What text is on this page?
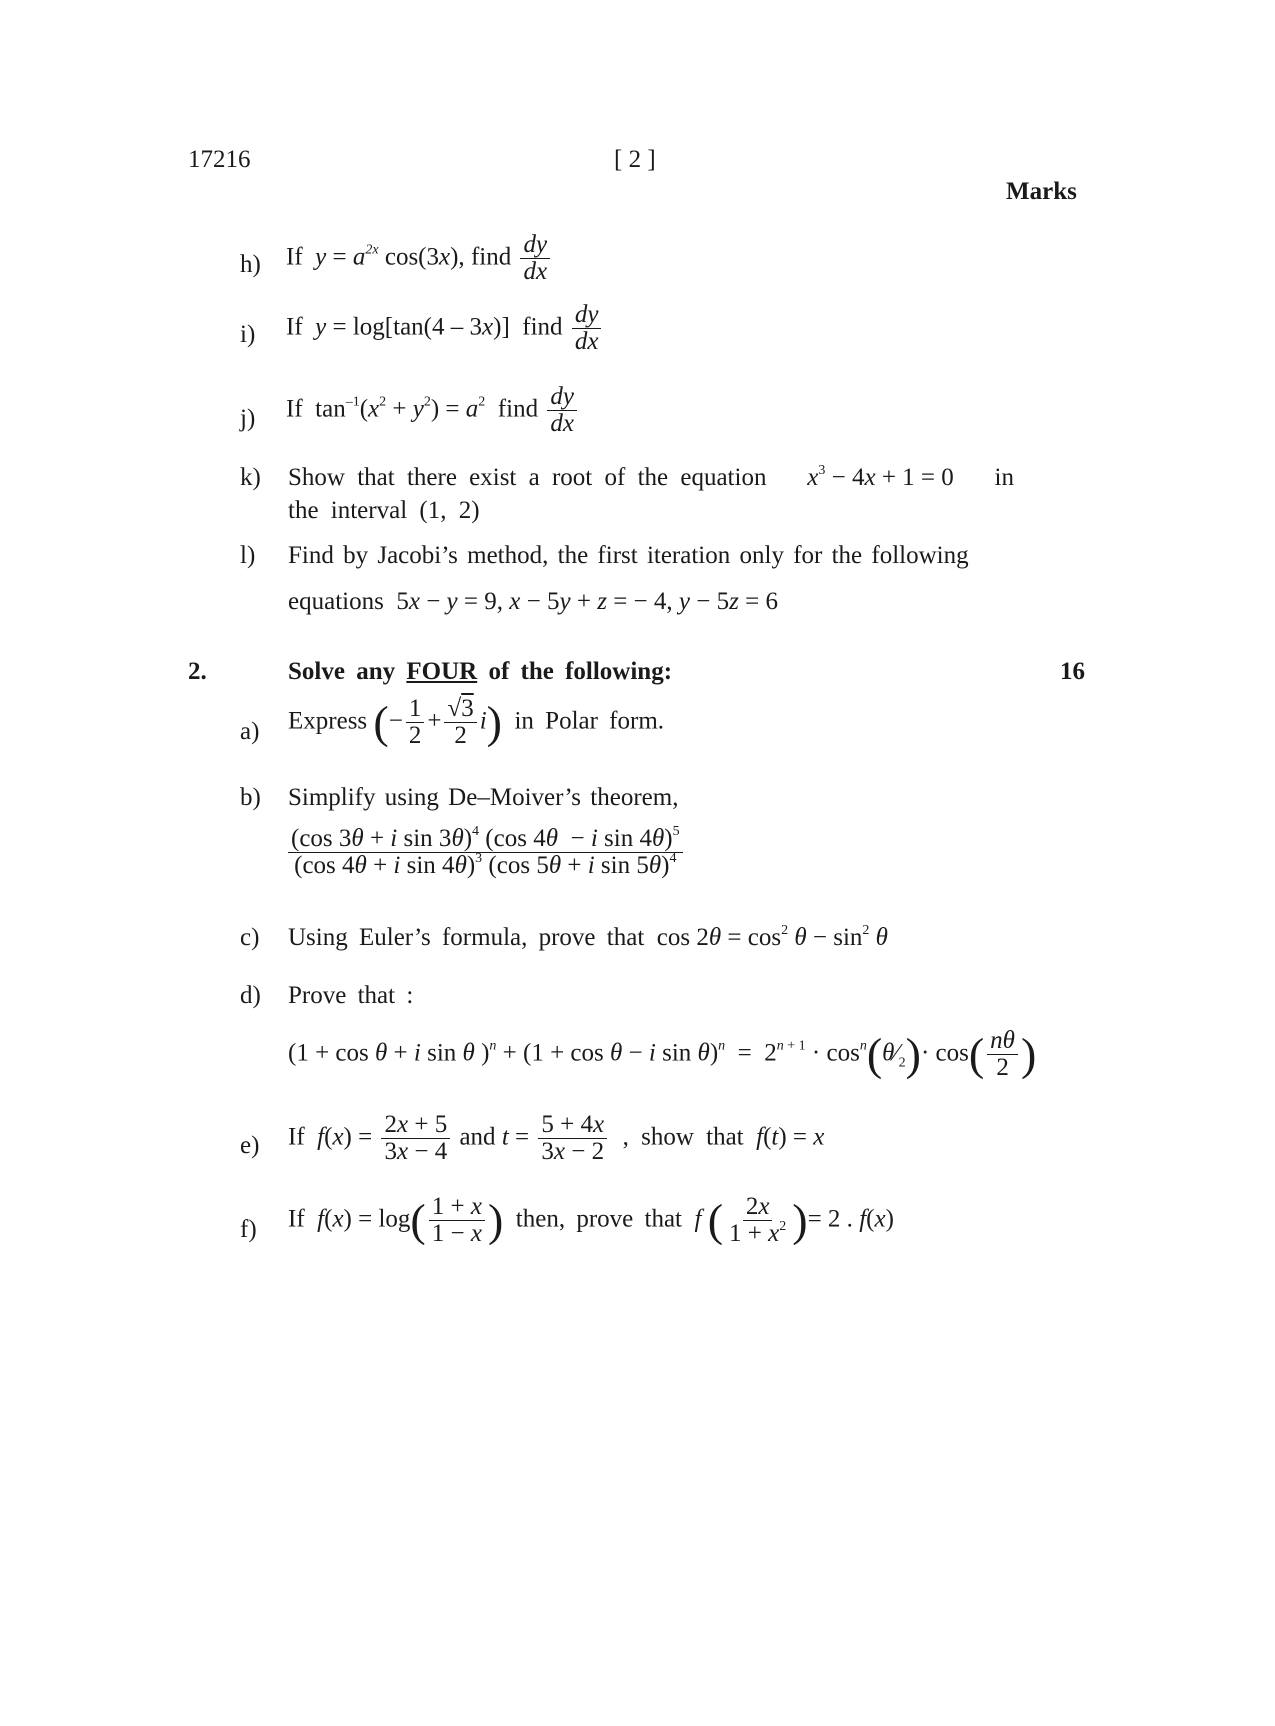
17216	[ 2 ]
Marks
h) If $y = a^{2x}$ cos(3x), find $\frac{dy}{dx}$
i) If y = log[tan(4 – 3x)]  find $\frac{dy}{dx}$
j) If  $\tan^{-1}(x^2 + y^2) = a^2$ find $\frac{dy}{dx}$
k) Show that there exist a root of the equation $x^3 - 4x + 1 = 0$ in
the interval (1, 2)
l) Find by Jacobi’s method, the first iteration only for the following
equations  5x − y = 9, x − 5y + z = − 4, y − 5z = 6
2.	Solve any FOUR of the following:	16
a) Express (− $\frac{1}{2} + \frac{√3}{2} i$) in Polar form.
b) Simplify using De–Moiver’s theorem,
$\frac{(\cos 3\theta + i \sin 3\theta)^4 (\cos 4\theta - i \sin 4\theta)^5}{(\cos 4\theta + i \sin 4\theta)^3 (\cos 5\theta + i \sin 5\theta)^4}$
c) Using Euler’s formula, prove that  $\cos 2\theta = \cos^2 \theta - \sin^2 \theta$
d) Prove that :
(1 + cos θ + i sin θ )$^n$ + (1 + cos θ − i $\sin \theta)^n = 2^{n + 1}$ · $\cos^n(\theta⁄_2)\cdot \cos( \frac{n\theta}{2}$ )
e) If $f(x) = \frac{2x + 5}{3x - 4}$ and $t = \frac{5 + 4x}{3x - 2}$ , show that f(t) = x
f) If $f(x) = \log( \frac{1 + x}{1 - x}$ ) then, prove that f ( $\frac{2x}{1 + x^2}$ )= 2 . f(x)
